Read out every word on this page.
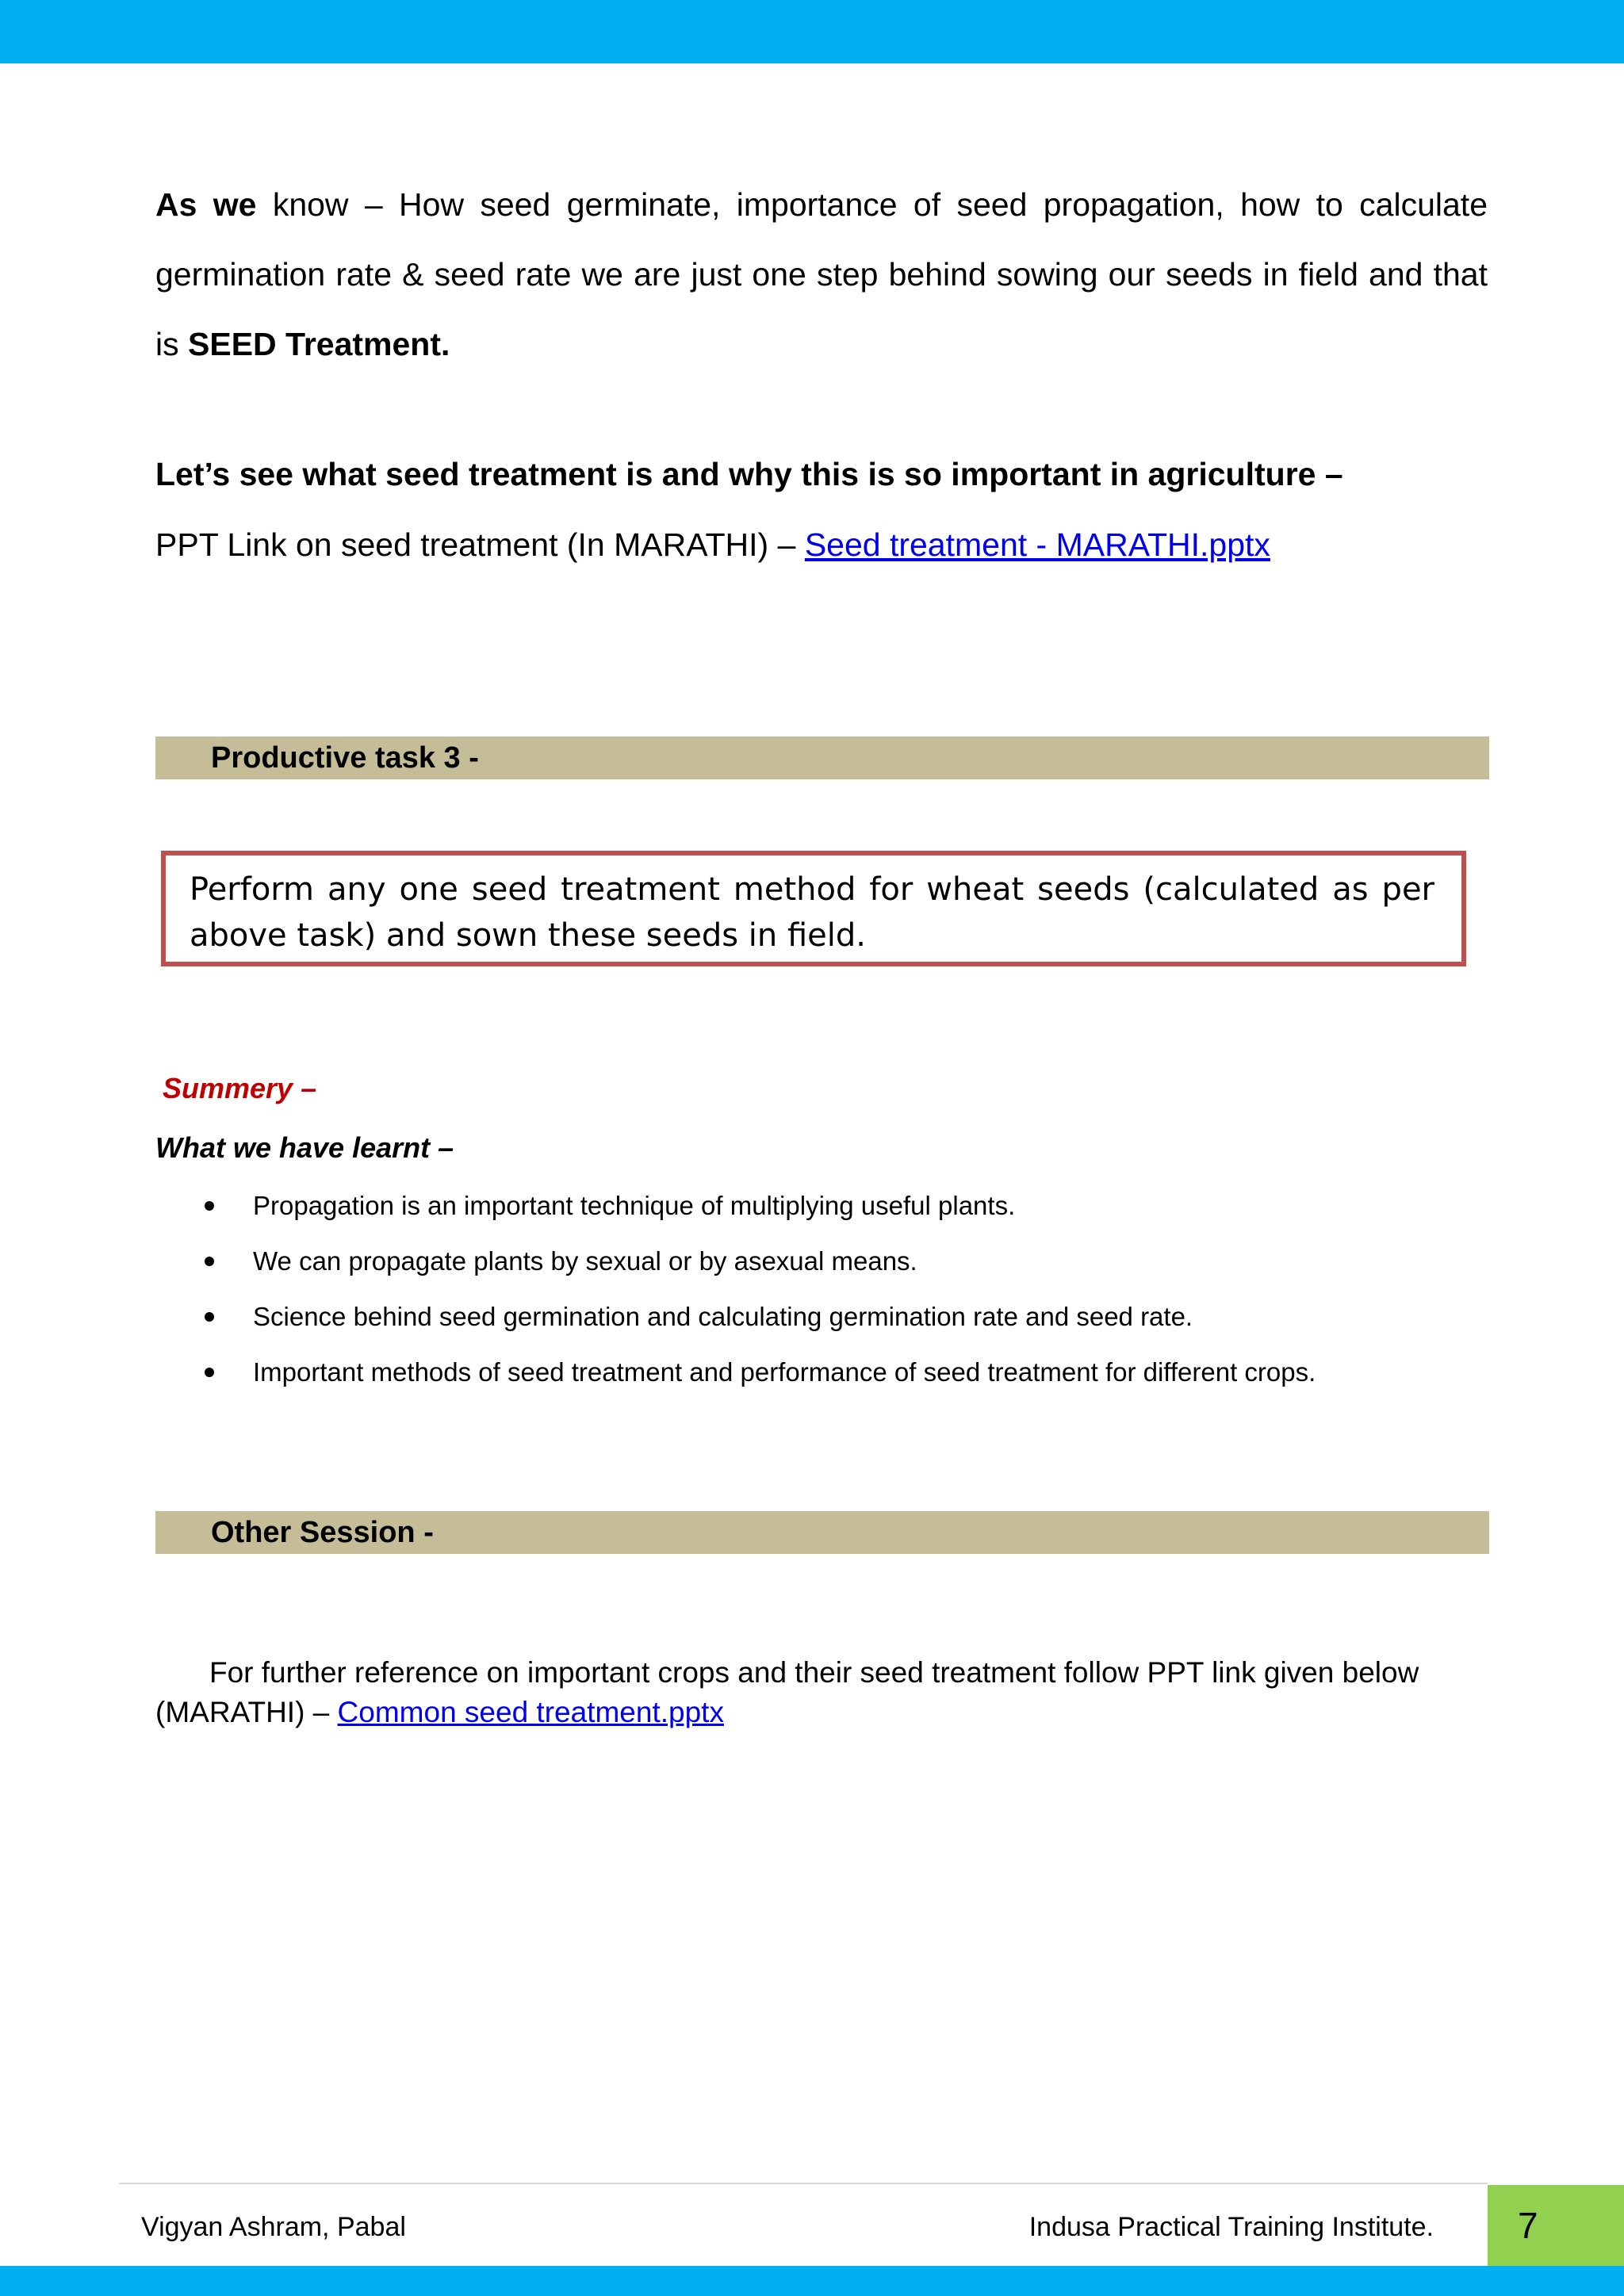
As we know – How seed germinate, importance of seed propagation, how to calculate germination rate & seed rate we are just one step behind sowing our seeds in field and that is SEED Treatment.

Let’s see what seed treatment is and why this is so important in agriculture –
PPT Link on seed treatment (In MARATHI) – Seed treatment - MARATHI.pptx
Productive task 3 -
Perform any one seed treatment method for wheat seeds (calculated as per above task) and sown these seeds in field.
Summery –
What we have learnt –
Propagation is an important technique of multiplying useful plants.
We can propagate plants by sexual or by asexual means.
Science behind seed germination and calculating germination rate and seed rate.
Important methods of seed treatment and performance of seed treatment for different crops.
Other Session -
For further reference on important crops and their seed treatment follow PPT link given below (MARATHI) – Common seed treatment.pptx
Vigyan Ashram, Pabal	Indusa Practical Training Institute. 7
